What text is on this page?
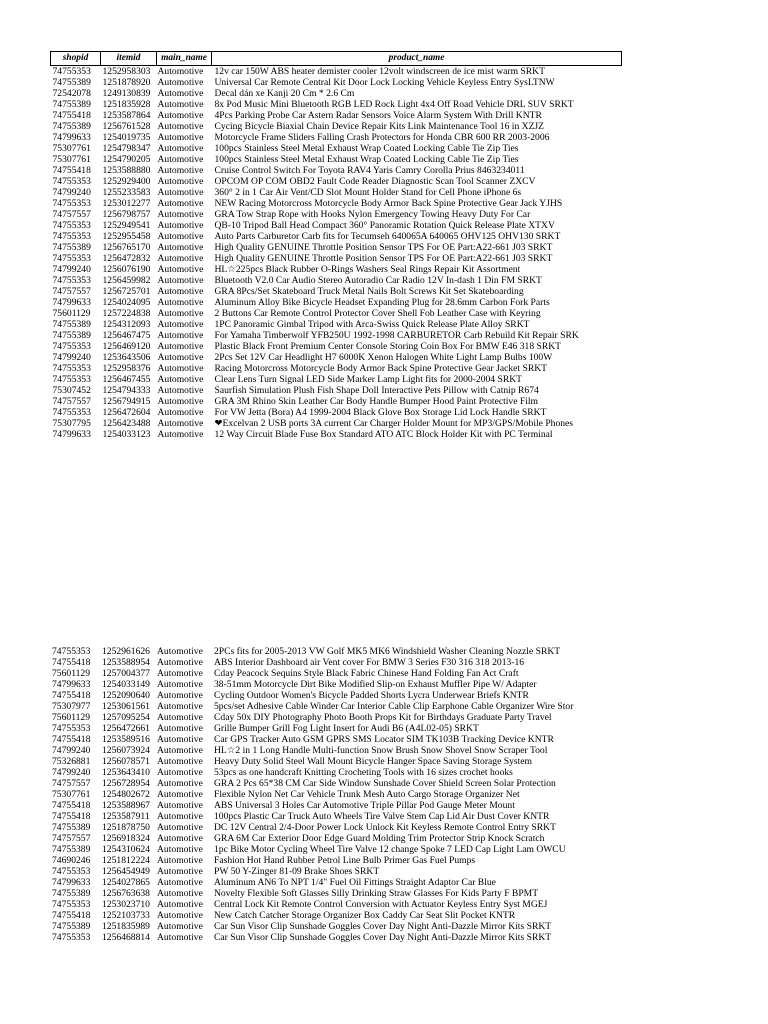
shopid	itemid	main_name	product_name
74755353	1252958303	Automotive	12v car 150W ABS heater demister cooler 12volt windscreen de ice mist warm SRKT
74755389	1251878920	Automotive	Universal Car Remote Central Kit Door Lock Locking Vehicle Keyless Entry SysLTNW
72542078	1249130839	Automotive	Decal dán xe Kanji 20 Cm * 2.6 Cm
74755389	1251835928	Automotive	8x Pod Music Mini Bluetooth RGB LED Rock Light 4x4 Off Road Vehicle DRL SUV SRKT
74755418	1253587864	Automotive	4Pcs Parking Probe Car Astern Radar Sensors Voice Alarm System With Drill KNTR
74755389	1256761528	Automotive	Cycing Bicycle Biaxial Chain Device Repair Kits Link Maintenance Tool 16 in XZJZ
74799633	1254019735	Automotive	Motorcycle Frame Sliders Falling Crash Protectors for Honda CBR 600 RR 2003-2006
75307761	1254798347	Automotive	100pcs Stainless Steel Metal Exhaust Wrap Coated Locking Cable Tie Zip Ties
75307761	1254790205	Automotive	100pcs Stainless Steel Metal Exhaust Wrap Coated Locking Cable Tie Zip Ties
74755418	1253588880	Automotive	Cruise Control Switch For Toyota RAV4 Yaris Camry Corolla Prius 8463234011
74755353	1252929400	Automotive	OPCOM OP COM OBD2 Fault Code Reader Diagnostic Scan Tool Scanner ZXCV
74799240	1255233583	Automotive	360° 2 in 1 Car Air Vent/CD Slot Mount Holder Stand for Cell Phone iPhone 6s
74755353	1253012277	Automotive	NEW Racing Motorcross Motorcycle Body Armor Back Spine Protective Gear Jack YJHS
74757557	1256798757	Automotive	GRA Tow Strap Rope with Hooks Nylon Emergency Towing Heavy Duty For Car
74755353	1252949541	Automotive	QB-10 Tripod Ball Head Compact 360° Panoramic Rotation Quick Release Plate XTXV
74755353	1252955458	Automotive	Auto Parts Carburetor Carb fits for Tecumseh 640065A 640065 OHV125 OHV130 SRKT
74755389	1256765170	Automotive	High Quality GENUINE Throttle Position Sensor TPS For OE Part:A22-661 J03 SRKT
74755353	1256472832	Automotive	High Quality GENUINE Throttle Position Sensor TPS For OE Part:A22-661 J03 SRKT
74799240	1256076190	Automotive	HL☆225pcs Black Rubber O-Rings Washers Seal Rings Repair Kit Assortment
74755353	1256459982	Automotive	Bluetooth V2.0 Car Audio Stereo Autoradio Car Radio 12V In-dash 1 Din FM SRKT
74757557	1256725701	Automotive	GRA 8Pcs/Set Skateboard Truck Metal Nails Bolt Screws Kit Set Skateboarding
74799633	1254024095	Automotive	Aluminum Alloy Bike Bicycle Headset Expanding Plug for 28.6mm Carbon Fork Parts
75601129	1257224838	Automotive	2 Buttons Car Remote Control Protector Cover Shell Fob Leather Case with Keyring
74755389	1254312093	Automotive	1PC Panoramic Gimbal Tripod with Arca-Swiss Quick Release Plate Alloy SRKT
74755389	1256467475	Automotive	For Yamaha Timberwolf YFB250U 1992-1998 CARBURETOR Carb Rebuild Kit Repair SRK
74755353	1256469120	Automotive	Plastic Black Front Premium Center Console Storing Coin Box For BMW E46 318 SRKT
74799240	1253643506	Automotive	2Pcs Set 12V Car Headlight H7 6000K Xenon Halogen White Light Lamp Bulbs 100W
74755353	1252958376	Automotive	Racing Motorcross Motorcycle Body Armor Back Spine Protective Gear Jacket SRKT
74755353	1256467455	Automotive	Clear Lens Turn Signal LED Side Marker Lamp Light fits for 2000-2004 SRKT
75307452	1254794333	Automotive	Saurfish Simulation Plush Fish Shape Doll Interactive Pets Pillow with Catnip R674
74757557	1256794915	Automotive	GRA 3M Rhino Skin Leather Car Body Handle Bumper Hood Paint Protective Film
74755353	1256472604	Automotive	For VW Jetta (Bora) A4 1999-2004 Black Glove Box Storage Lid Lock Handle SRKT
75307795	1256423488	Automotive	❤Excelvan 2 USB ports 3A current Car Charger Holder Mount for MP3/GPS/Mobile Phones
74799633	1254033123	Automotive	12 Way Circuit Blade Fuse Box Standard ATO ATC Block Holder Kit with PC Terminal
74755353	1252961626	Automotive	2PCs fits for 2005-2013 VW Golf MK5 MK6 Windshield Washer Cleaning Nozzle SRKT
74755418	1253588954	Automotive	ABS Interior Dashboard air Vent cover For BMW 3 Series F30 316 318 2013-16
75601129	1257004377	Automotive	Cday Peacock Sequins Style Black Fabric Chinese Hand Folding Fan Act Craft
74799633	1254033149	Automotive	38-51mm Motorcycle Dirt Bike Modified Slip-on Exhaust Muffler Pipe W/ Adapter
74755418	1252090640	Automotive	Cycling Outdoor Women's Bicycle Padded Shorts Lycra Underwear Briefs KNTR
75307977	1253061561	Automotive	5pcs/set Adhesive Cable Winder Car Interior Cable Clip Earphone Cable Organizer Wire Stor
75601129	1257095254	Automotive	Cday 50x DIY Photography Photo Booth Props Kit for Birthdays Graduate Party Travel
74755353	1256472661	Automotive	Grille Bumper Grill Fog Light Insert for Audi B6 (A4L02-05) SRKT
74755418	1253589516	Automotive	Car GPS Tracker Auto GSM GPRS SMS Locator SIM TK103B Tracking Device KNTR
74799240	1256073924	Automotive	HL☆2 in 1 Long Handle Multi-function Snow Brush Snow Shovel Snow Scraper Tool
75326881	1256078571	Automotive	Heavy Duty Solid Steel Wall Mount Bicycle Hanger Space Saving Storage System
74799240	1253643410	Automotive	53pcs as one handcraft Knitting Crocheting Tools with 16 sizes crochet hooks
74757557	1256728954	Automotive	GRA 2 Pcs 65*38 CM Car Side Window Sunshade Cover Shield Screen Solar Protection
75307761	1254802672	Automotive	Flexible Nylon Net Car Vehicle Trunk Mesh Auto Cargo Storage Organizer Net
74755418	1253588967	Automotive	ABS Universal 3 Holes Car Automotive Triple Pillar Pod Gauge Meter Mount
74755418	1253587911	Automotive	100pcs Plastic Car Truck Auto Wheels Tire Valve Stem Cap Lid Air Dust Cover KNTR
74755389	1251878750	Automotive	DC 12V Central 2/4-Door Power Lock Unlock Kit Keyless Remote Control Entry SRKT
74757557	1256918324	Automotive	GRA 6M Car Exterior Door Edge Guard Molding Trim Protector Strip Knock Scratch
74755389	1254310624	Automotive	1pc Bike Motor Cycling Wheel Tire Valve 12 change Spoke 7 LED Cap Light Lam OWCU
74690246	1251812224	Automotive	Fashion Hot Hand Rubber Petrol Line Bulb Primer Gas Fuel Pumps
74755353	1256454949	Automotive	PW 50 Y-Zinger 81-09 Brake Shoes SRKT
74799633	1254027865	Automotive	Aluminum AN6 To NPT 1/4" Fuel Oil Fittings Straight Adaptor Car Blue
74755389	1256763638	Automotive	Novelty Flexible Soft Glasses Silly Drinking Straw Glasses For Kids Party F BPMT
74755353	1253023710	Automotive	Central Lock Kit Remote Control Conversion with Actuator Keyless Entry Syst MGEJ
74755418	1252103733	Automotive	New Catch Catcher Storage Organizer Box Caddy Car Seat Slit Pocket KNTR
74755389	1251835989	Automotive	Car Sun Visor Clip Sunshade Goggles Cover Day Night Anti-Dazzle Mirror Kits SRKT
74755353	1256468814	Automotive	Car Sun Visor Clip Sunshade Goggles Cover Day Night Anti-Dazzle Mirror Kits SRKT
